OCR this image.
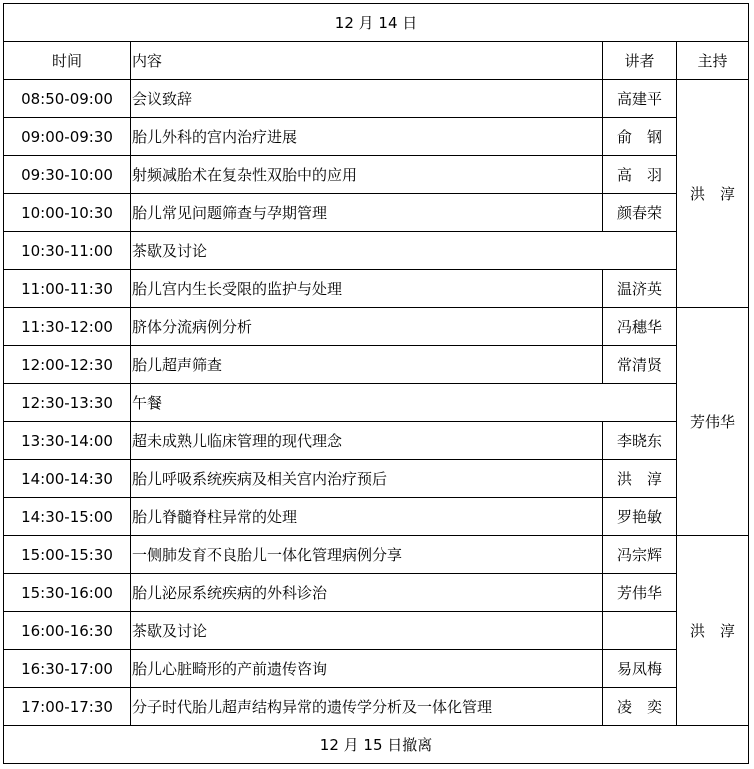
12 月 14 日			
时间	内容	讲者	主持
08:50-09:00	会议致辞	高建平	洪　淳
09:00-09:30	胎儿外科的宫内治疗进展	俞　钢	
09:30-10:00	射频减胎术在复杂性双胎中的应用	高　羽	
10:00-10:30	胎儿常见问题筛查与孕期管理	颜春荣	
10:30-11:00	茶歇及讨论		
11:00-11:30	胎儿宫内生长受限的监护与处理	温济英	
11:30-12:00	脐体分流病例分析	冯穗华	芳伟华
12:00-12:30	胎儿超声筛查	常清贤	
12:30-13:30	午餐		
13:30-14:00	超未成熟儿临床管理的现代理念	李晓东	
14:00-14:30	胎儿呼吸系统疾病及相关宫内治疗预后	洪　淳	
14:30-15:00	胎儿脊髓脊柱异常的处理	罗艳敏	
15:00-15:30	一侧肺发育不良胎儿一体化管理病例分享	冯宗辉	洪　淳
15:30-16:00	胎儿泌尿系统疾病的外科诊治	芳伟华	
16:00-16:30	茶歇及讨论		
16:30-17:00	胎儿心脏畸形的产前遗传咨询	易凤梅	
17:00-17:30	分子时代胎儿超声结构异常的遗传学分析及一体化管理	凌　奕	
12 月 15 日撤离			
